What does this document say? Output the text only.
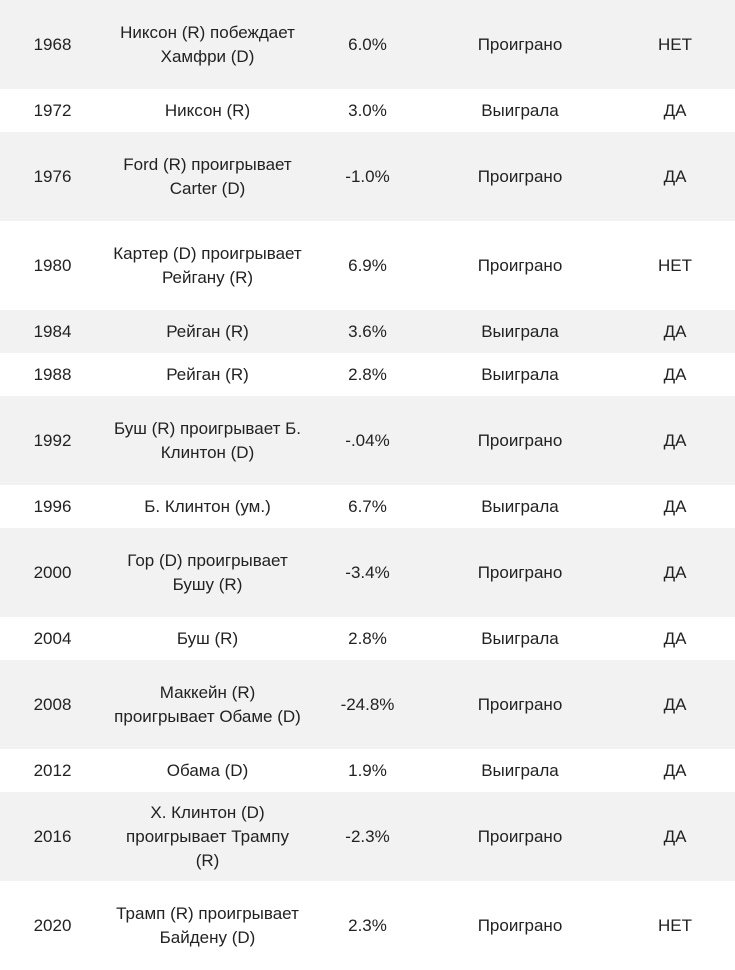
1968	Никсон (R) побеждает Хамфри (D)	6.0%	Проиграно	НЕТ
1972	Никсон (R)	3.0%	Выиграла	ДА
1976	Ford (R) проигрывает Carter (D)	-1.0%	Проиграно	ДА
1980	Картер (D) проигрывает Рейгану (R)	6.9%	Проиграно	НЕТ
1984	Рейган (R)	3.6%	Выиграла	ДА
1988	Рейган (R)	2.8%	Выиграла	ДА
1992	Буш (R) проигрывает Б. Клинтон (D)	-.04%	Проиграно	ДА
1996	Б. Клинтон (ум.)	6.7%	Выиграла	ДА
2000	Гор (D) проигрывает Бушу (R)	-3.4%	Проиграно	ДА
2004	Буш (R)	2.8%	Выиграла	ДА
2008	Маккейн (R) проигрывает Обаме (D)	-24.8%	Проиграно	ДА
2012	Обама (D)	1.9%	Выиграла	ДА
2016	Х. Клинтон (D) проигрывает Трампу (R)	-2.3%	Проиграно	ДА
2020	Трамп (R) проигрывает Байдену (D)	2.3%	Проиграно	НЕТ
